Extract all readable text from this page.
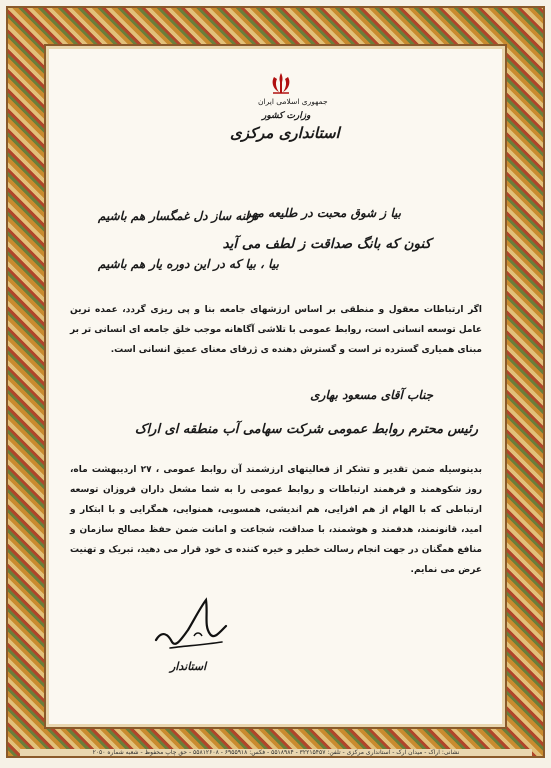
جمهوری اسلامی ایران
وزارت کشور
استانداری مرکزی
بیا ز شوق محبت در طلیعه مهر
کنون که بانگ صداقت ز لطف می آید
ترانه ساز دل غمگسار هم باشیم
بیا ، بیا که در این دوره یار هم باشیم
اگر ارتباطات معقول و منطقی بر اساس ارزشهای جامعه بنا و پی ریزی گردد، عمده ترین عامل توسعه انسانی است، روابط عمومی با تلاشی آگاهانه موجب خلق جامعه ای انسانی تر بر مبنای همیاری گسترده تر است و گسترش دهنده ی ژرفای معنای عمیق انسانی است.
جناب آقای مسعود بهاری
رئیس محترم روابط عمومی شرکت سهامی آب منطقه ای اراک
بدینوسیله ضمن تقدیر و تشکر از فعالیتهای ارزشمند آن روابط عمومی ، ۲۷ اردیبهشت ماه، روز شکوهمند و فرهمند ارتباطات و روابط عمومی را به شما مشعل داران فروزان توسعه ارتباطی که با الهام از هم افزایی، هم اندیشی، همسویی، همنوایی، همگرایی و با ابتکار و امید، قانونمند، هدفمند و هوشمند، با صداقت، شجاعت و امانت ضمن حفظ مصالح سازمان و منافع همگنان در جهت انجام رسالت خطیر و خیره کننده ی خود قرار می دهید، تبریک و تهنیت عرض می نمایم.
استاندار
نشانی: اراک - میدان ارک - استانداری مرکزی - تلفن: ۳۲۲۱۵۴۵۷ - ۵۵۱۸۹۸۴ - فکس: ۶۹۵۵۹۱۸ - ۵۵۸۱۲۶۰۸ - حق چاپ محفوظ - شعبه شماره ۲۰۵۰
